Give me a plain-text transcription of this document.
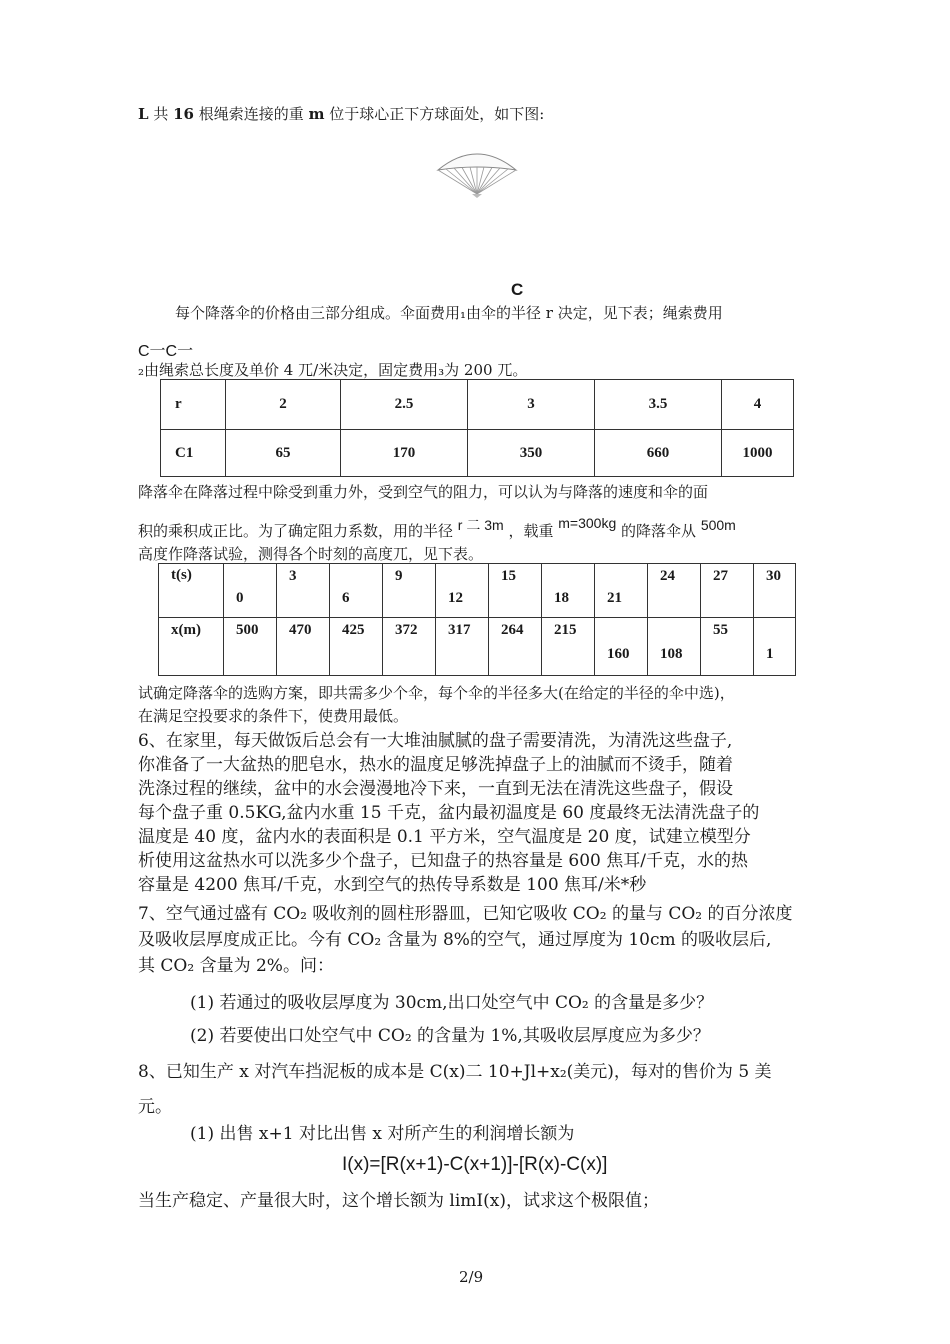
L 共 16 根绳索连接的重 m 位于球心正下方球面处，如下图:
C
每个降落伞的价格由三部分组成。伞面费用₁由伞的半径 r 决定，见下表；绳索费用
C一C一
₂由绳索总长度及单价 4 兀/米决定，固定费用₃为 200 兀。
r	2	2.5	3	3.5	4
C1	65	170	350	660	1000
降落伞在降落过程中除受到重力外，受到空气的阻力，可以认为与降落的速度和伞的面
积的乘积成正比。为了确定阻力系数，用的半径 r 二 3m ，载重 m=300kg 的降落伞从 500m
高度作降落试验，测得各个时刻的高度兀，见下表。
t(s)	0	3	6	9	12	15	18	21	24	27	30
x(m)	500	470	425	372	317	264	215	160	108	55	1
试确定降落伞的选购方案，即共需多少个伞，每个伞的半径多大(在给定的半径的伞中选)，
在满足空投要求的条件下，使费用最低。
6、在家里，每天做饭后总会有一大堆油腻腻的盘子需要清洗，为清洗这些盘子,
你准备了一大盆热的肥皂水，热水的温度足够洗掉盘子上的油腻而不烫手，随着
洗涤过程的继续，盆中的水会漫漫地冷下来，一直到无法在清洗这些盘子，假设
每个盘子重 0.5KG,盆内水重 15 千克，盆内最初温度是 60 度最终无法清洗盘子的
温度是 40 度，盆内水的表面积是 0.1 平方米，空气温度是 20 度，试建立模型分
析使用这盆热水可以洗多少个盘子，已知盘子的热容量是 600 焦耳/千克，水的热
容量是 4200 焦耳/千克，水到空气的热传导系数是 100 焦耳/米*秒
7、空气通过盛有 CO₂ 吸收剂的圆柱形器皿，已知它吸收 CO₂ 的量与 CO₂ 的百分浓度
及吸收层厚度成正比。今有 CO₂ 含量为 8%的空气，通过厚度为 10cm 的吸收层后,
其 CO₂ 含量为 2%。问：
(1) 若通过的吸收层厚度为 30cm,出口处空气中 CO₂ 的含量是多少？
(2) 若要使出口处空气中 CO₂ 的含量为 1%,其吸收层厚度应为多少？
8、已知生产 x 对汽车挡泥板的成本是 C(x)二 10+Jl+x₂(美元)，每对的售价为 5 美
元。
(1) 出售 x+1 对比出售 x 对所产生的利润增长额为
I(x)=[R(x+1)-C(x+1)]-[R(x)-C(x)]
当生产稳定、产量很大时，这个增长额为 limI(x)，试求这个极限值；
2/9
